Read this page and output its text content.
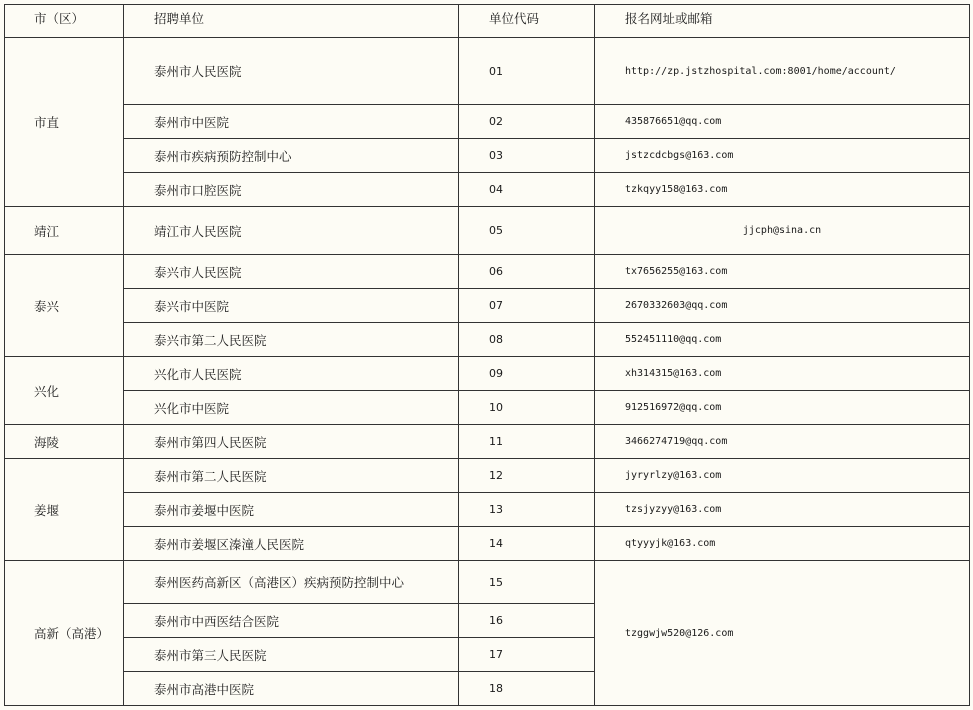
市（区）	招聘单位	单位代码	报名网址或邮箱
市直	泰州市人民医院	01	http://zp.jstzhospital.com:8001/home/account/
	泰州市中医院	02	435876651@qq.com
	泰州市疾病预防控制中心	03	jstzcdcbgs@163.com
	泰州市口腔医院	04	tzkqyy158@163.com
靖江	靖江市人民医院	05	jjcph@sina.cn
泰兴	泰兴市人民医院	06	tx7656255@163.com
	泰兴市中医院	07	2670332603@qq.com
	泰兴市第二人民医院	08	552451110@qq.com
兴化	兴化市人民医院	09	xh314315@163.com
	兴化市中医院	10	912516972@qq.com
海陵	泰州市第四人民医院	11	3466274719@qq.com
姜堰	泰州市第二人民医院	12	jyryrlzy@163.com
	泰州市姜堰中医院	13	tzsjyzyy@163.com
	泰州市姜堰区溱潼人民医院	14	qtyyyjk@163.com
高新（高港）	泰州医药高新区（高港区）疾病预防控制中心	15	tzggwjw520@126.com
	泰州市中西医结合医院	16	
	泰州市第三人民医院	17	
	泰州市高港中医院	18	
